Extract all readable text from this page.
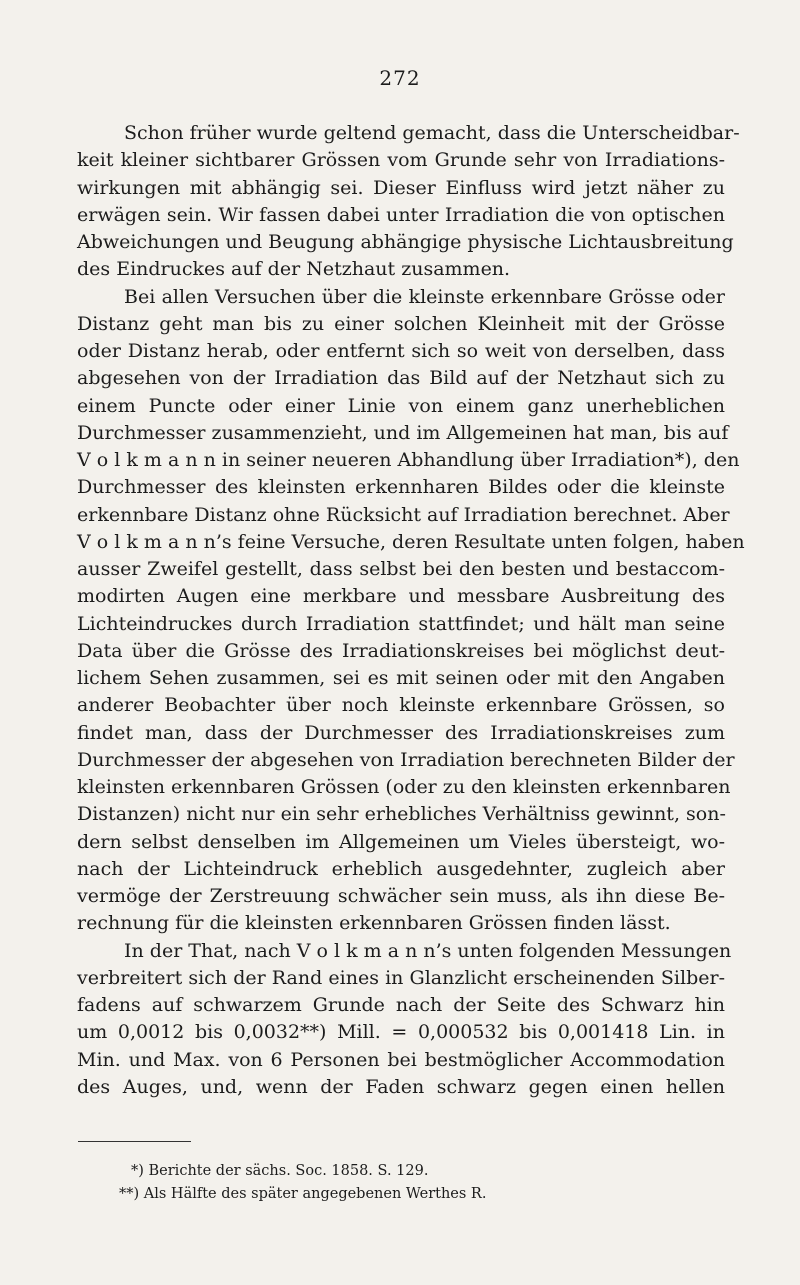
272
Schon früher wurde geltend gemacht, dass die Unterscheidbar-
keit kleiner sichtbarer Grössen vom Grunde sehr von Irradiations-
wirkungen mit abhängig sei. Dieser Einfluss wird jetzt näher zu
erwägen sein. Wir fassen dabei unter Irradiation die von optischen
Abweichungen und Beugung abhängige physische Lichtausbreitung
des Eindruckes auf der Netzhaut zusammen.
Bei allen Versuchen über die kleinste erkennbare Grösse oder
Distanz geht man bis zu einer solchen Kleinheit mit der Grösse
oder Distanz herab, oder entfernt sich so weit von derselben, dass
abgesehen von der Irradiation das Bild auf der Netzhaut sich zu
einem Puncte oder einer Linie von einem ganz unerheblichen
Durchmesser zusammenzieht, und im Allgemeinen hat man, bis auf
V o l k m a n n in seiner neueren Abhandlung über Irradiation*), den
Durchmesser des kleinsten erkennharen Bildes oder die kleinste
erkennbare Distanz ohne Rücksicht auf Irradiation berechnet. Aber
V o l k m a n n’s feine Versuche, deren Resultate unten folgen, haben
ausser Zweifel gestellt, dass selbst bei den besten und bestaccom-
modirten Augen eine merkbare und messbare Ausbreitung des
Lichteindruckes durch Irradiation stattfindet; und hält man seine
Data über die Grösse des Irradiationskreises bei möglichst deut-
lichem Sehen zusammen, sei es mit seinen oder mit den Angaben
anderer Beobachter über noch kleinste erkennbare Grössen, so
findet man, dass der Durchmesser des Irradiationskreises zum
Durchmesser der abgesehen von Irradiation berechneten Bilder der
kleinsten erkennbaren Grössen (oder zu den kleinsten erkennbaren
Distanzen) nicht nur ein sehr erhebliches Verhältniss gewinnt, son-
dern selbst denselben im Allgemeinen um Vieles übersteigt, wo-
nach der Lichteindruck erheblich ausgedehnter, zugleich aber
vermöge der Zerstreuung schwächer sein muss, als ihn diese Be-
rechnung für die kleinsten erkennbaren Grössen finden lässt.
In der That, nach V o l k m a n n’s unten folgenden Messungen
verbreitert sich der Rand eines in Glanzlicht erscheinenden Silber-
fadens auf schwarzem Grunde nach der Seite des Schwarz hin
um 0,0012 bis 0,0032**) Mill. = 0,000532 bis 0,001418 Lin. in
Min. und Max. von 6 Personen bei bestmöglicher Accommodation
des Auges, und, wenn der Faden schwarz gegen einen hellen
*) Berichte der sächs. Soc. 1858. S. 129.
**) Als Hälfte des später angegebenen Werthes R.
